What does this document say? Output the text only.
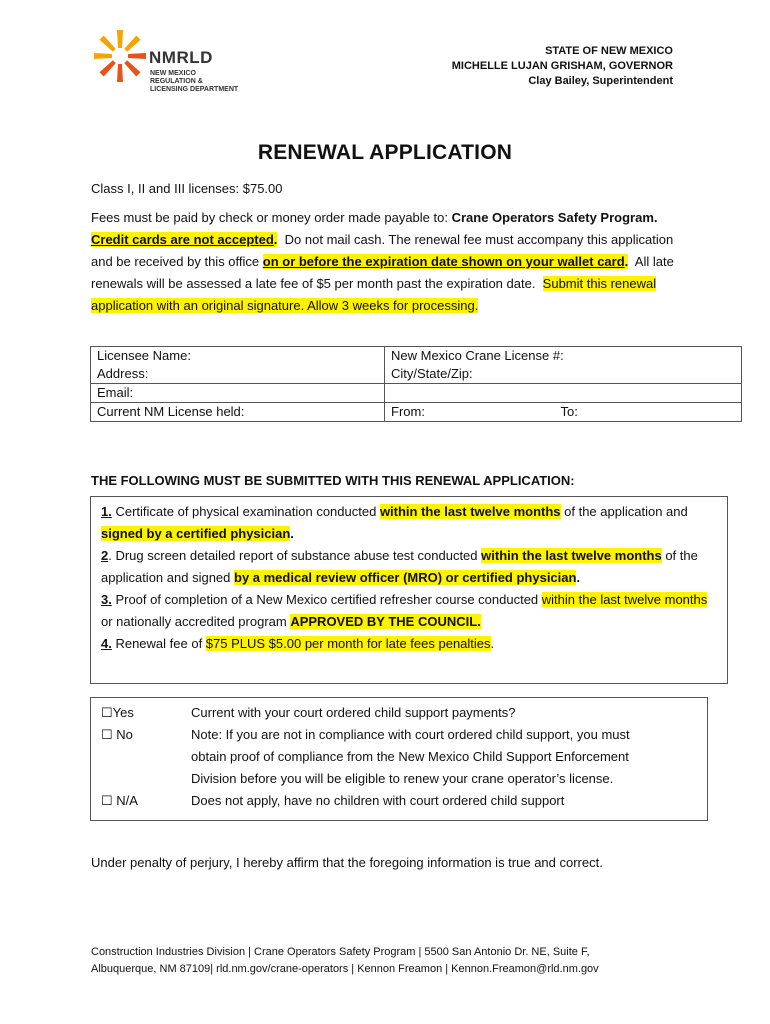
NMRLD
NEW MEXICO
REGULATION &
LICENSING DEPARTMENT
STATE OF NEW MEXICO
MICHELLE LUJAN GRISHAM, GOVERNOR
Clay Bailey, Superintendent
RENEWAL APPLICATION
Class I, II and III licenses: $75.00
Fees must be paid by check or money order made payable to: Crane Operators Safety Program.  Credit cards are not accepted. Do not mail cash. The renewal fee must accompany this application and be received by this office on or before the expiration date shown on your wallet card. All late renewals will be assessed a late fee of $5 per month past the expiration date. Submit this renewal application with an original signature. Allow 3 weeks for processing.
Licensee Name:	New Mexico Crane License #:
Address:	City/State/Zip:
Email:	
Current NM License held:	From: To:
THE FOLLOWING MUST BE SUBMITTED WITH THIS RENEWAL APPLICATION:
1. Certificate of physical examination conducted within the last twelve months of the application and signed by a certified physician.
2. Drug screen detailed report of substance abuse test conducted within the last twelve months of the application and signed by a medical review officer (MRO) or certified physician.
3. Proof of completion of a New Mexico certified refresher course conducted within the last twelve months or nationally accredited program APPROVED BY THE COUNCIL.
4. Renewal fee of $75 PLUS $5.00 per month for late fees penalties.
☐Yes	Current with your court ordered child support payments?
☐ No	Note: If you are not in compliance with court ordered child support, you must
obtain proof of compliance from the New Mexico Child Support Enforcement
Division before you will be eligible to renew your crane operator’s license.
☐ N/A	Does not apply, have no children with court ordered child support
Under penalty of perjury, I hereby affirm that the foregoing information is true and correct.
Construction Industries Division | Crane Operators Safety Program | 5500 San Antonio Dr. NE, Suite F,
Albuquerque, NM 87109| rld.nm.gov/crane-operators | Kennon Freamon | Kennon.Freamon@rld.nm.gov
